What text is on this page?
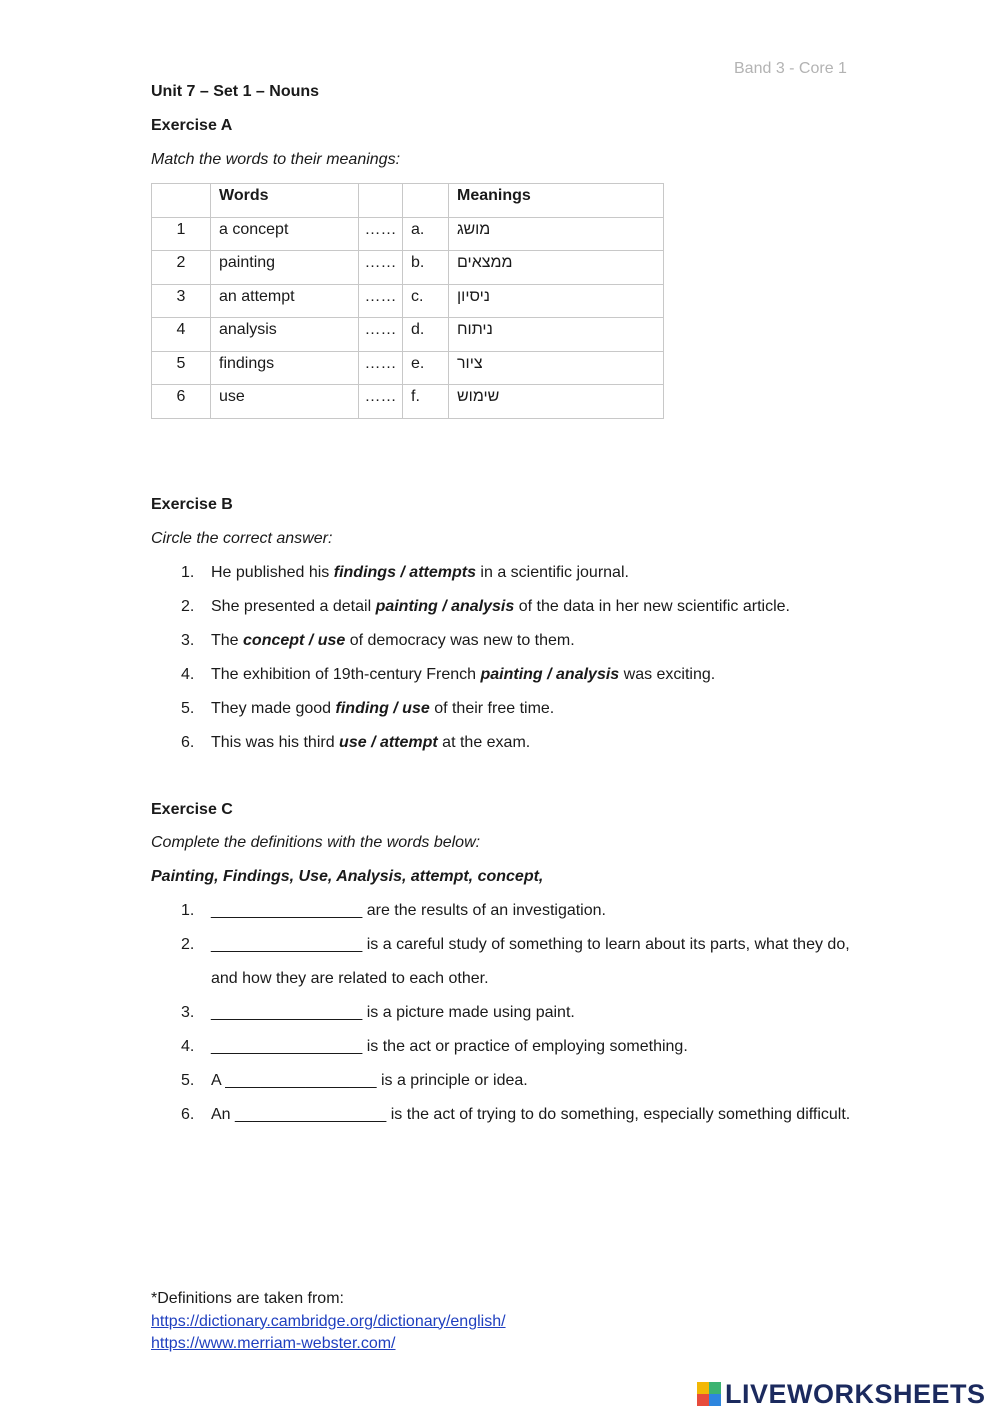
Band 3 - Core 1
Unit 7 – Set 1 – Nouns
Exercise A
Match the words to their meanings:
	Words			Meanings
1	a concept	……	a.	מושג
2	painting	……	b.	ממצאים
3	an attempt	……	c.	ניסיון
4	analysis	……	d.	ניתוח
5	findings	……	e.	ציור
6	use	……	f.	שימוש
Exercise B
Circle the correct answer:
1. He published his findings / attempts in a scientific journal.
2. She presented a detail painting / analysis of the data in her new scientific article.
3. The concept / use of democracy was new to them.
4. The exhibition of 19th-century French painting / analysis was exciting.
5. They made good finding / use of their free time.
6. This was his third use / attempt at the exam.
Exercise C
Complete the definitions with the words below:
Painting, Findings, Use, Analysis, attempt, concept,
1. _________________ are the results of an investigation.
2. _________________ is a careful study of something to learn about its parts, what they do, and how they are related to each other.
3. _________________ is a picture made using paint.
4. _________________ is the act or practice of employing something.
5. A _________________ is a principle or idea.
6. An _________________ is the act of trying to do something, especially something difficult.
*Definitions are taken from:
https://dictionary.cambridge.org/dictionary/english/
https://www.merriam-webster.com/
LIVEWORKSHEETS
